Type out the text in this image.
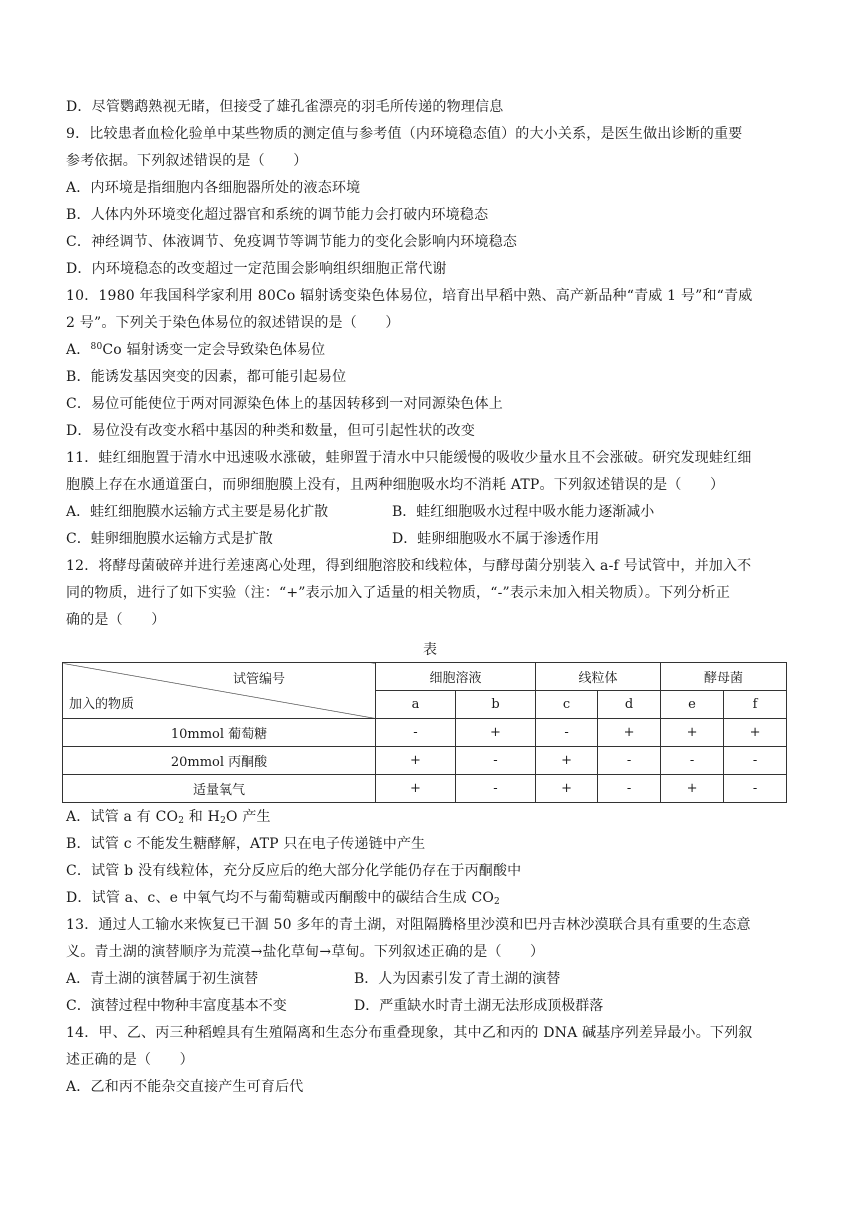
D．尽管鹦鹉熟视无睹，但接受了雄孔雀漂亮的羽毛所传递的物理信息
9．比较患者血检化验单中某些物质的测定值与参考值（内环境稳态值）的大小关系，是医生做出诊断的重要
参考依据。下列叙述错误的是（　　）
A．内环境是指细胞内各细胞器所处的液态环境
B．人体内外环境变化超过器官和系统的调节能力会打破内环境稳态
C．神经调节、体液调节、免疫调节等调节能力的变化会影响内环境稳态
D．内环境稳态的改变超过一定范围会影响组织细胞正常代谢
10．1980 年我国科学家利用 80Co 辐射诱变染色体易位，培育出早稻中熟、高产新品种“青威 1 号”和“青威
2 号”。下列关于染色体易位的叙述错误的是（　　）
A．$^{80}$Co 辐射诱变一定会导致染色体易位
B．能诱发基因突变的因素，都可能引起易位
C．易位可能使位于两对同源染色体上的基因转移到一对同源染色体上
D．易位没有改变水稻中基因的种类和数量，但可引起性状的改变
11．蛙红细胞置于清水中迅速吸水涨破，蛙卵置于清水中只能缓慢的吸收少量水且不会涨破。研究发现蛙红细
胞膜上存在水通道蛋白，而卵细胞膜上没有，且两种细胞吸水均不消耗 ATP。下列叙述错误的是（　　）
A．蛙红细胞膜水运输方式主要是易化扩散	B．蛙红细胞吸水过程中吸水能力逐渐减小
C．蛙卵细胞膜水运输方式是扩散	D．蛙卵细胞吸水不属于渗透作用
12．将酵母菌破碎并进行差速离心处理，得到细胞溶胶和线粒体，与酵母菌分别装入 a-f 号试管中，并加入不
同的物质，进行了如下实验（注：“+”表示加入了适量的相关物质，“-”表示未加入相关物质）。下列分析正
确的是（　　）
表
试管编号
加入的物质	细胞溶液		线粒体		酵母菌	
	a	b	c	d	e	f
10mmol 葡萄糖	-	+	-	+	+	+
20mmol 丙酮酸	+	-	+	-	-	-
适量氧气	+	-	+	-	+	-
A．试管 a 有 $CO_2$ 和 $H_2O$ 产生
B．试管 c 不能发生糖酵解，ATP 只在电子传递链中产生
C．试管 b 没有线粒体，充分反应后的绝大部分化学能仍存在于丙酮酸中
D．试管 a、c、e 中氧气均不与葡萄糖或丙酮酸中的碳结合生成 $CO_2$
13．通过人工输水来恢复已干涸 50 多年的青土湖，对阻隔腾格里沙漠和巴丹吉林沙漠联合具有重要的生态意
义。青土湖的演替顺序为荒漠→盐化草甸→草甸。下列叙述正确的是（　　）
A．青土湖的演替属于初生演替	B．人为因素引发了青土湖的演替
C．演替过程中物种丰富度基本不变	D．严重缺水时青土湖无法形成顶极群落
14．甲、乙、丙三种稻蝗具有生殖隔离和生态分布重叠现象，其中乙和丙的 DNA 碱基序列差异最小。下列叙
述正确的是（　　）
A．乙和丙不能杂交直接产生可育后代
